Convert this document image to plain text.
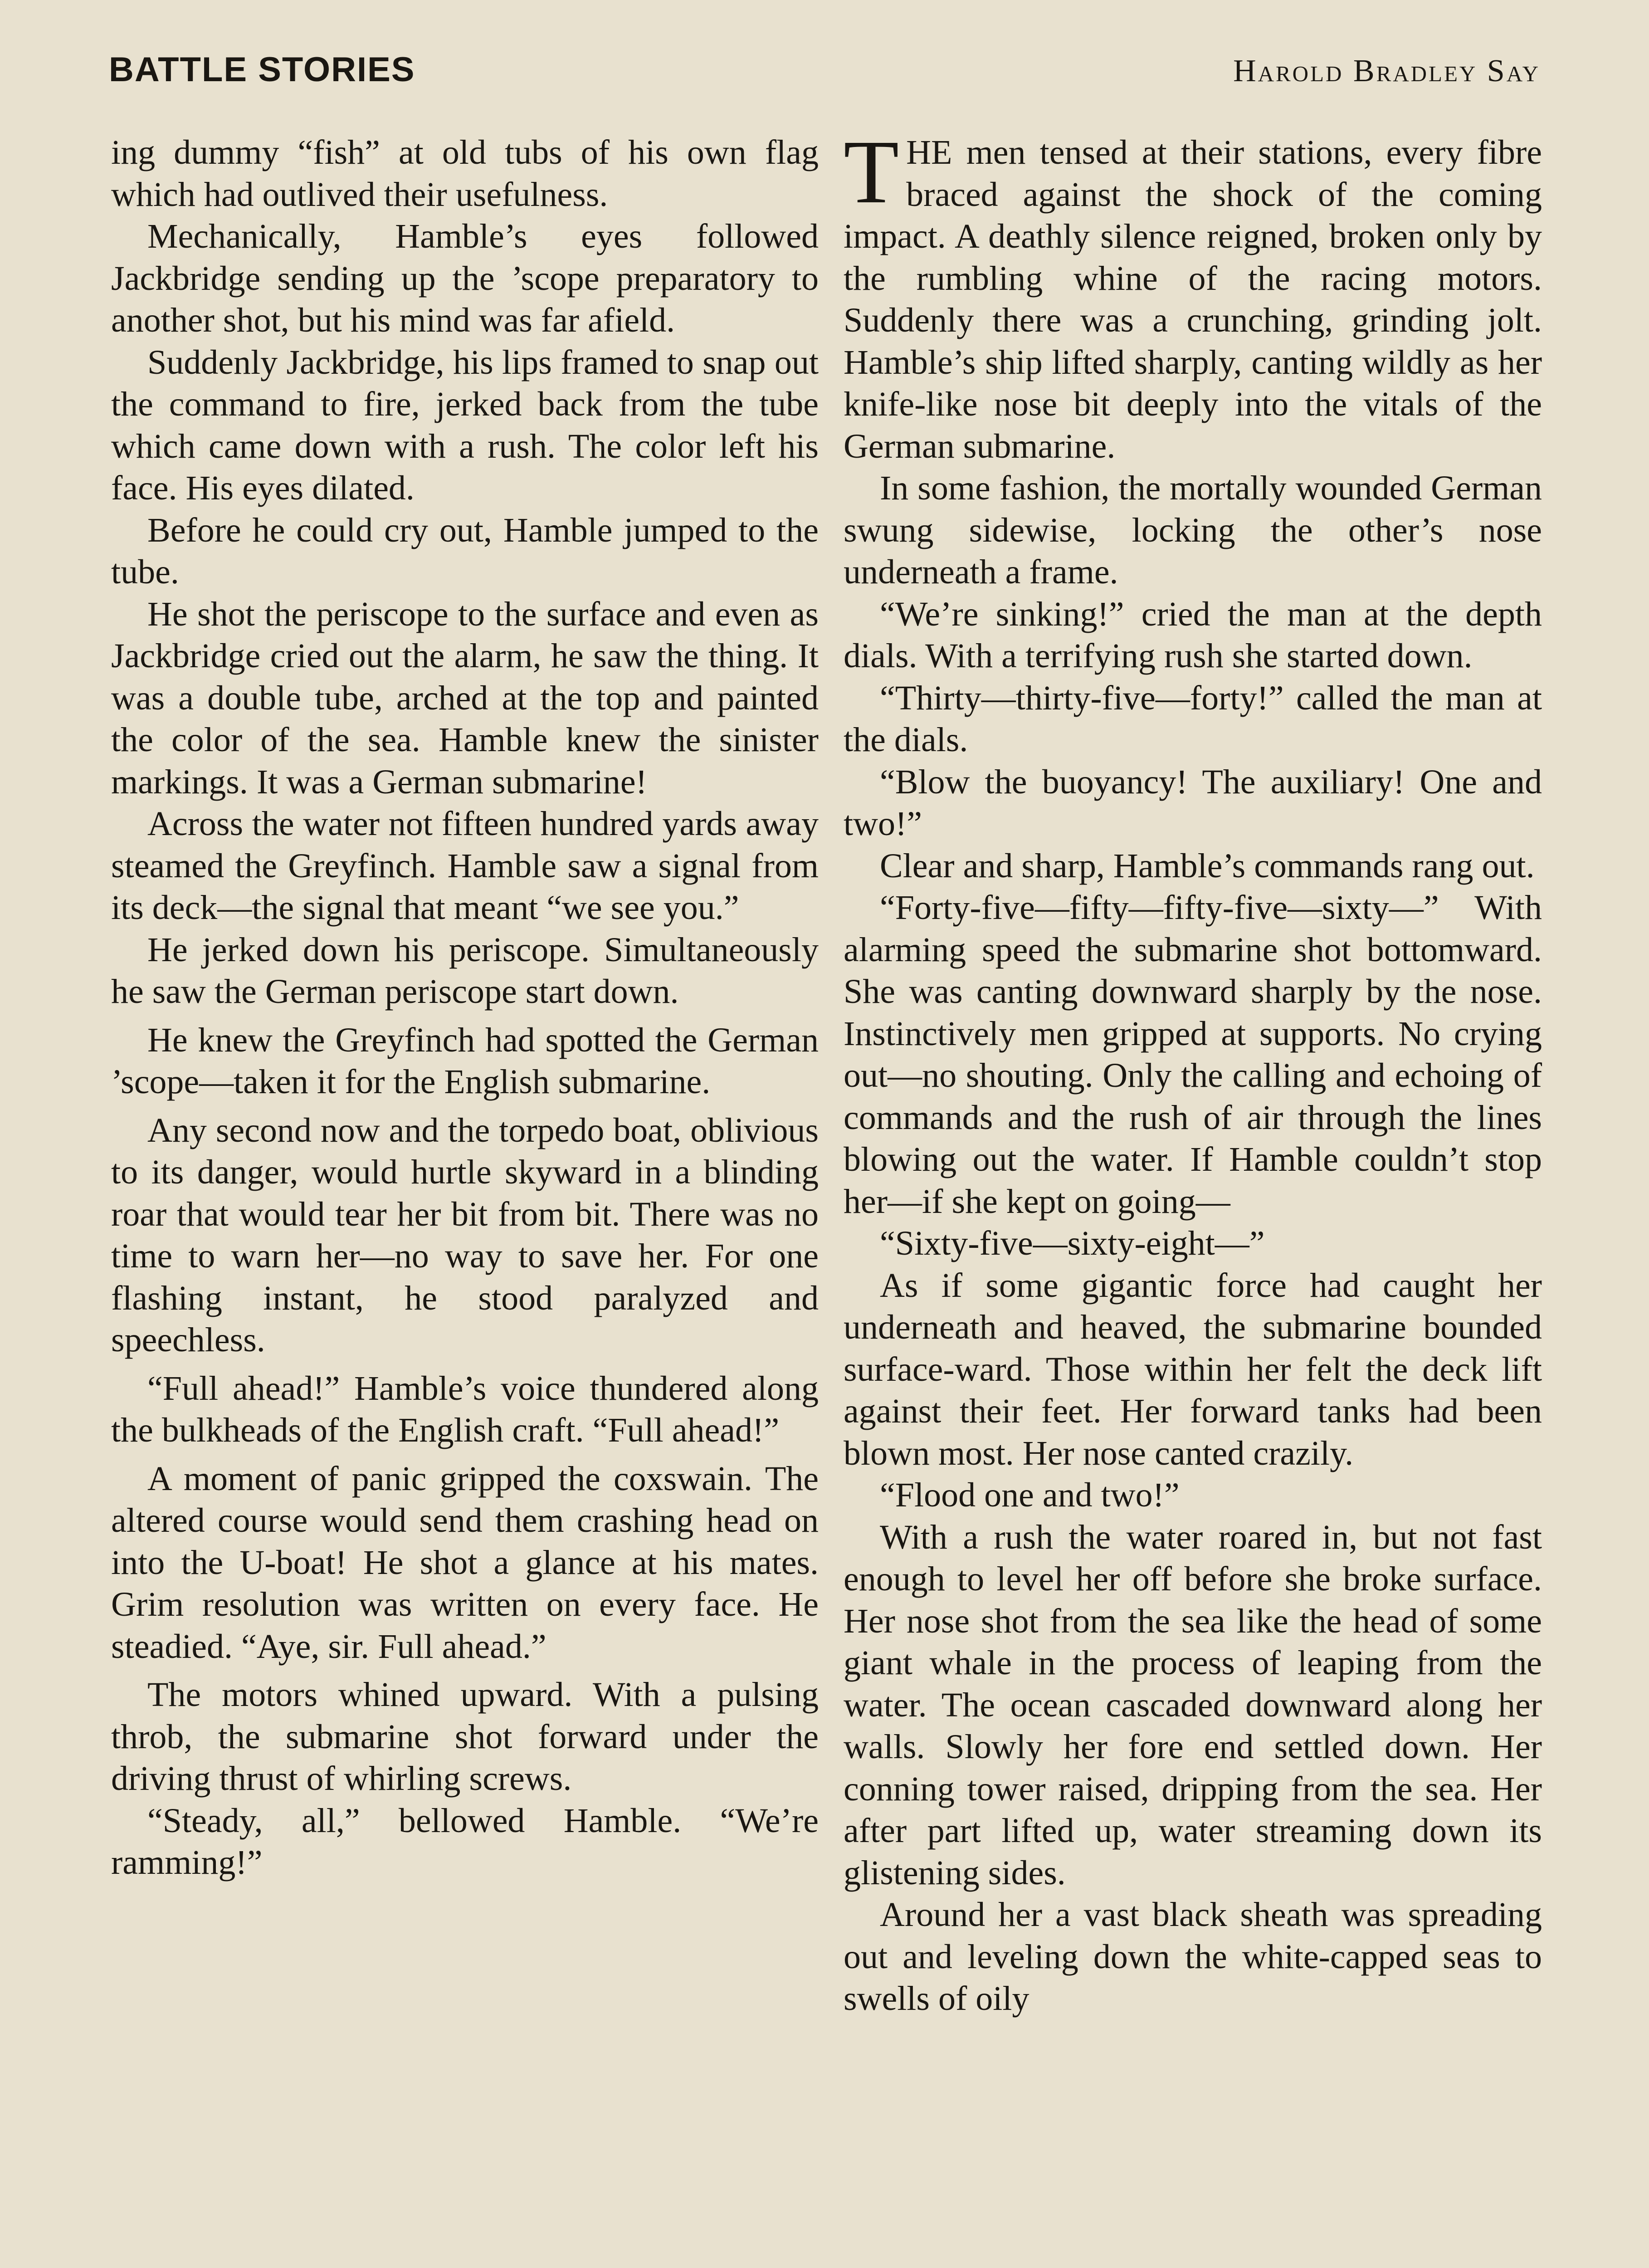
BATTLE STORIES	Harold Bradley Say

ing dummy “fish” at old tubs of his own flag which had outlived their usefulness.

Mechanically, Hamble’s eyes followed Jackbridge sending up the ’scope preparatory to another shot, but his mind was far afield.

Suddenly Jackbridge, his lips framed to snap out the command to fire, jerked back from the tube which came down with a rush. The color left his face. His eyes dilated.

Before he could cry out, Hamble jumped to the tube.

He shot the periscope to the surface and even as Jackbridge cried out the alarm, he saw the thing. It was a double tube, arched at the top and painted the color of the sea. Hamble knew the sinister markings. It was a German submarine!

Across the water not fifteen hundred yards away steamed the Greyfinch. Hamble saw a signal from its deck—the signal that meant “we see you.”

He jerked down his periscope. Simultaneously he saw the German periscope start down.

He knew the Greyfinch had spotted the German ’scope—taken it for the English submarine.

Any second now and the torpedo boat, oblivious to its danger, would hurtle skyward in a blinding roar that would tear her bit from bit. There was no time to warn her—no way to save her. For one flashing instant, he stood paralyzed and speechless.

“Full ahead!” Hamble’s voice thundered along the bulkheads of the English craft. “Full ahead!”

A moment of panic gripped the coxswain. The altered course would send them crashing head on into the U-boat! He shot a glance at his mates. Grim resolution was written on every face. He steadied. “Aye, sir. Full ahead.”

The motors whined upward. With a pulsing throb, the submarine shot forward under the driving thrust of whirling screws.

“Steady, all,” bellowed Hamble. “We’re ramming!”

THE men tensed at their stations, every fibre braced against the shock of the coming impact. A deathly silence reigned, broken only by the rumbling whine of the racing motors. Suddenly there was a crunching, grinding jolt. Hamble’s ship lifted sharply, canting wildly as her knife-like nose bit deeply into the vitals of the German submarine.

In some fashion, the mortally wounded German swung sidewise, locking the other’s nose underneath a frame.

“We’re sinking!” cried the man at the depth dials. With a terrifying rush she started down.

“Thirty—thirty-five—forty!” called the man at the dials.

“Blow the buoyancy! The auxiliary! One and two!”

Clear and sharp, Hamble’s commands rang out.

“Forty-five—fifty—fifty-five—sixty—” With alarming speed the submarine shot bottomward. She was canting downward sharply by the nose. Instinctively men gripped at supports. No crying out—no shouting. Only the calling and echoing of commands and the rush of air through the lines blowing out the water. If Hamble couldn’t stop her—if she kept on going—

“Sixty-five—sixty-eight—”

As if some gigantic force had caught her underneath and heaved, the submarine bounded surface-ward. Those within her felt the deck lift against their feet. Her forward tanks had been blown most. Her nose canted crazily.

“Flood one and two!”

With a rush the water roared in, but not fast enough to level her off before she broke surface. Her nose shot from the sea like the head of some giant whale in the process of leaping from the water. The ocean cascaded downward along her walls. Slowly her fore end settled down. Her conning tower raised, dripping from the sea. Her after part lifted up, water streaming down its glistening sides.

Around her a vast black sheath was spreading out and leveling down the white-capped seas to swells of oily
